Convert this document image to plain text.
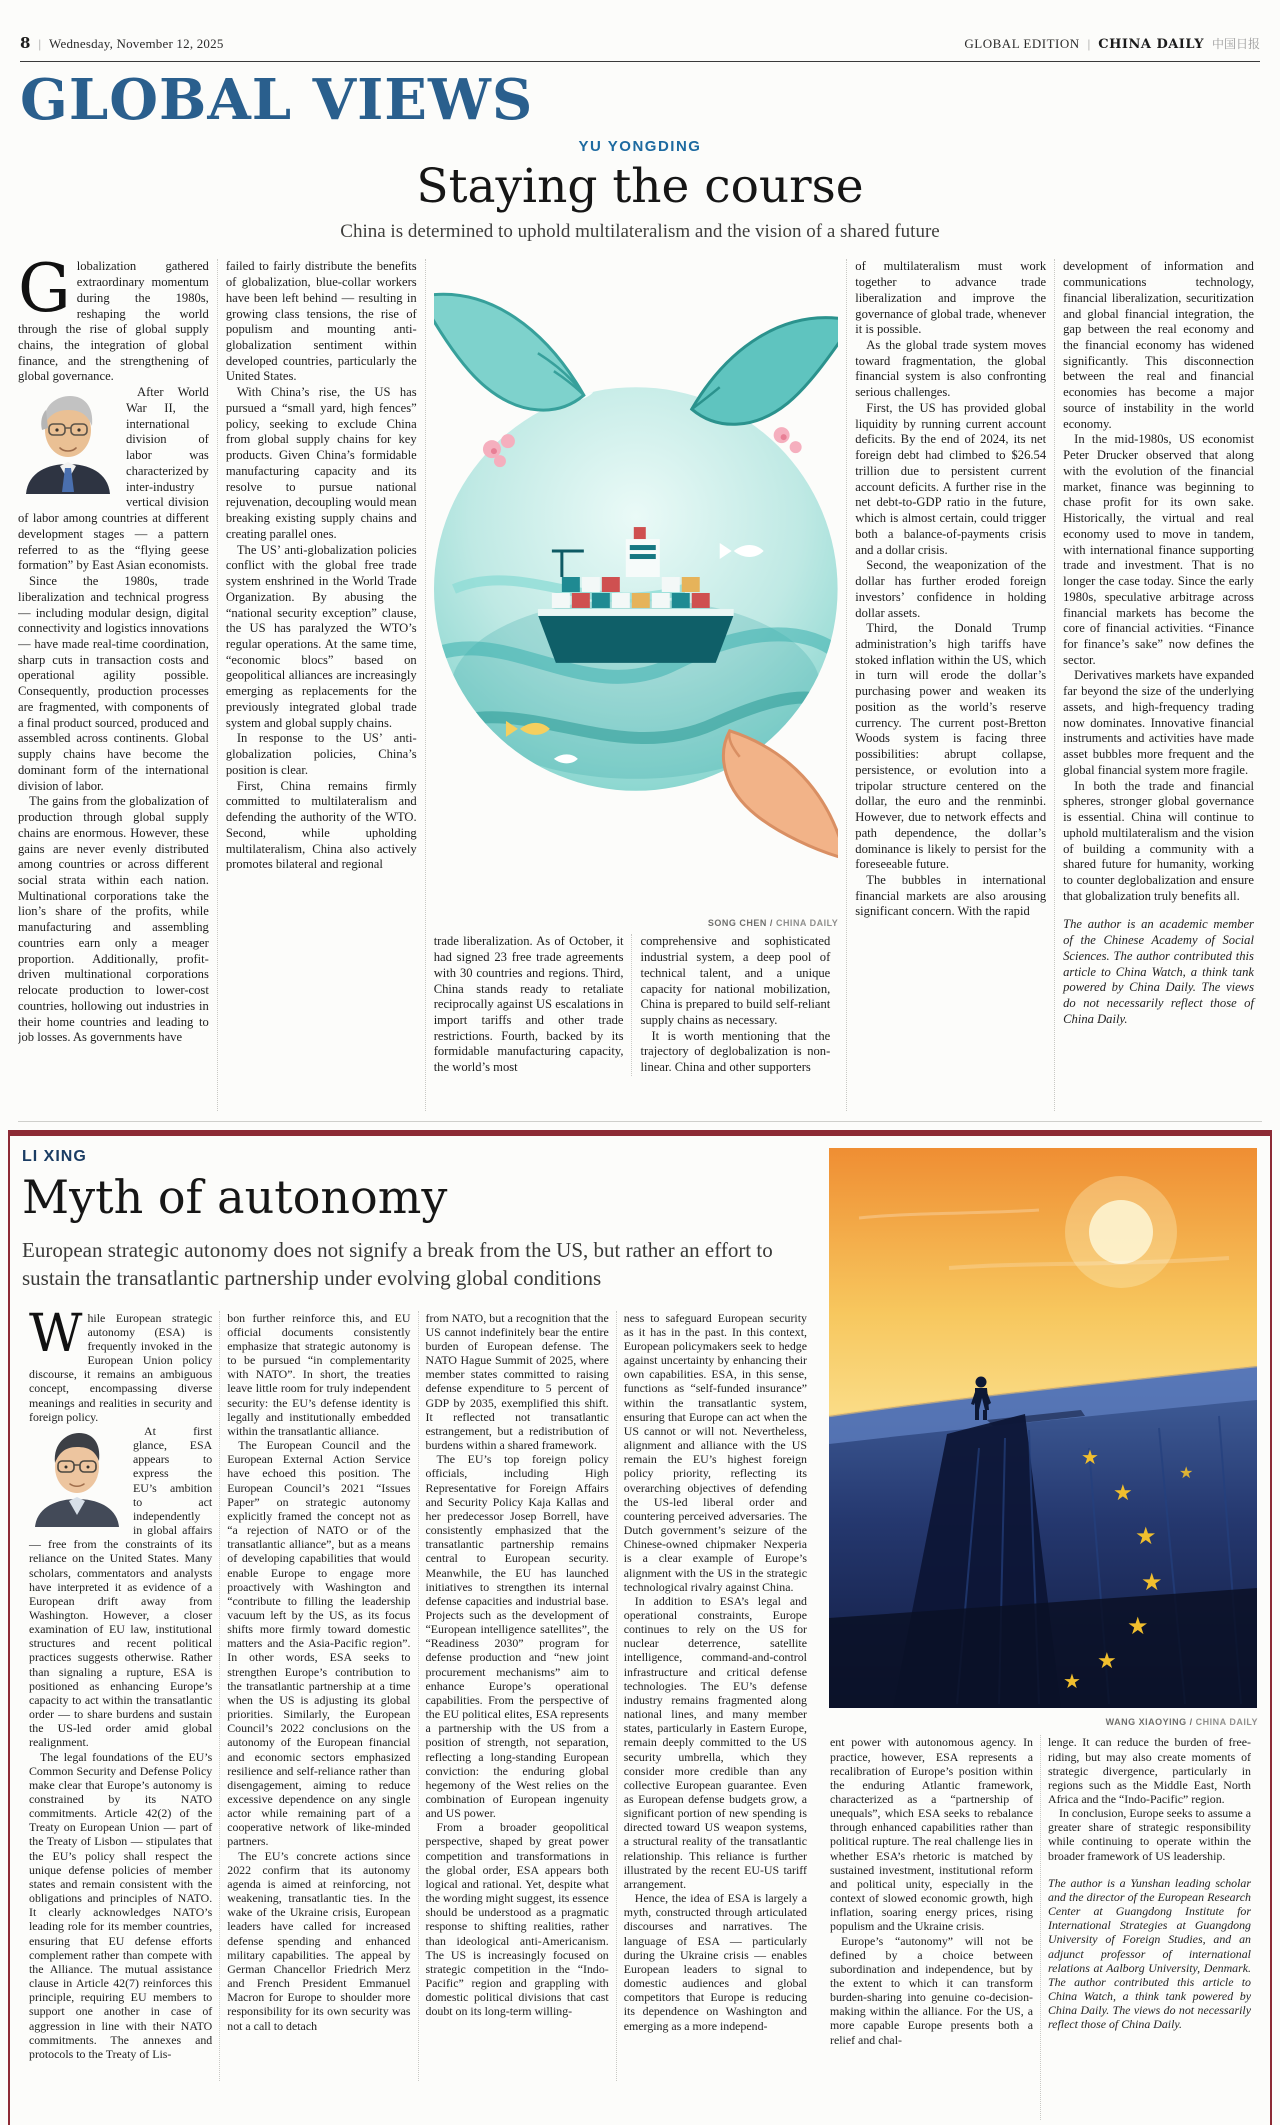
8 | Wednesday, November 12, 2025	GLOBAL EDITION | CHINA DAILY 中国日报
GLOBAL VIEWS
YU YONGDING
Staying the course
China is determined to uphold multilateralism and the vision of a shared future

Globalization gathered extraordinary momentum during the 1980s, reshaping the world through the rise of global supply chains, the integration of global finance, and the strengthening of global governance.

After World War II, the international division of labor was characterized by inter-industry vertical division of labor among countries at different development stages — a pattern referred to as the “flying geese formation” by East Asian economists.

Since the 1980s, trade liberalization and technical progress — including modular design, digital connectivity and logistics innovations — have made real-time coordination, sharp cuts in transaction costs and operational agility possible. Consequently, production processes are fragmented, with components of a final product sourced, produced and assembled across continents. Global supply chains have become the dominant form of the international division of labor.

The gains from the globalization of production through global supply chains are enormous. However, these gains are never evenly distributed among countries or across different social strata within each nation. Multinational corporations take the lion’s share of the profits, while manufacturing and assembling countries earn only a meager proportion. Additionally, profit-driven multinational corporations relocate production to lower-cost countries, hollowing out industries in their home countries and leading to job losses. As governments have

failed to fairly distribute the benefits of globalization, blue-collar workers have been left behind — resulting in growing class tensions, the rise of populism and mounting anti-globalization sentiment within developed countries, particularly the United States.

With China’s rise, the US has pursued a “small yard, high fences” policy, seeking to exclude China from global supply chains for key products. Given China’s formidable manufacturing capacity and its resolve to pursue national rejuvenation, decoupling would mean breaking existing supply chains and creating parallel ones.

The US’ anti-globalization policies conflict with the global free trade system enshrined in the World Trade Organization. By abusing the “national security exception” clause, the US has paralyzed the WTO’s regular operations. At the same time, “economic blocs” based on geopolitical alliances are increasingly emerging as replacements for the previously integrated global trade system and global supply chains.

In response to the US’ anti-globalization policies, China’s position is clear.

First, China remains firmly committed to multilateralism and defending the authority of the WTO. Second, while upholding multilateralism, China also actively promotes bilateral and regional

SONG CHEN / CHINA DAILY

trade liberalization. As of October, it had signed 23 free trade agreements with 30 countries and regions. Third, China stands ready to retaliate reciprocally against US escalations in import tariffs and other trade restrictions. Fourth, backed by its formidable manufacturing capacity, the world’s most

comprehensive and sophisticated industrial system, a deep pool of technical talent, and a unique capacity for national mobilization, China is prepared to build self-reliant supply chains as necessary.

It is worth mentioning that the trajectory of deglobalization is non-linear. China and other supporters

of multilateralism must work together to advance trade liberalization and improve the governance of global trade, whenever it is possible.

As the global trade system moves toward fragmentation, the global financial system is also confronting serious challenges.

First, the US has provided global liquidity by running current account deficits. By the end of 2024, its net foreign debt had climbed to $26.54 trillion due to persistent current account deficits. A further rise in the net debt-to-GDP ratio in the future, which is almost certain, could trigger both a balance-of-payments crisis and a dollar crisis.

Second, the weaponization of the dollar has further eroded foreign investors’ confidence in holding dollar assets.

Third, the Donald Trump administration’s high tariffs have stoked inflation within the US, which in turn will erode the dollar’s purchasing power and weaken its position as the world’s reserve currency. The current post-Bretton Woods system is facing three possibilities: abrupt collapse, persistence, or evolution into a tripolar structure centered on the dollar, the euro and the renminbi. However, due to network effects and path dependence, the dollar’s dominance is likely to persist for the foreseeable future.

The bubbles in international financial markets are also arousing significant concern. With the rapid

development of information and communications technology, financial liberalization, securitization and global financial integration, the gap between the real economy and the financial economy has widened significantly. This disconnection between the real and financial economies has become a major source of instability in the world economy.

In the mid-1980s, US economist Peter Drucker observed that along with the evolution of the financial market, finance was beginning to chase profit for its own sake. Historically, the virtual and real economy used to move in tandem, with international finance supporting trade and investment. That is no longer the case today. Since the early 1980s, speculative arbitrage across financial markets has become the core of financial activities. “Finance for finance’s sake” now defines the sector.

Derivatives markets have expanded far beyond the size of the underlying assets, and high-frequency trading now dominates. Innovative financial instruments and activities have made asset bubbles more frequent and the global financial system more fragile.

In both the trade and financial spheres, stronger global governance is essential. China will continue to uphold multilateralism and the vision of building a community with a shared future for humanity, working to counter deglobalization and ensure that globalization truly benefits all.

The author is an academic member of the Chinese Academy of Social Sciences. The author contributed this article to China Watch, a think tank powered by China Daily. The views do not necessarily reflect those of China Daily.

LI XING
Myth of autonomy
European strategic autonomy does not signify a break from the US, but rather an effort to sustain the transatlantic partnership under evolving global conditions

While European strategic autonomy (ESA) is frequently invoked in the European Union policy discourse, it remains an ambiguous concept, encompassing diverse meanings and realities in security and foreign policy.

At first glance, ESA appears to express the EU’s ambition to act independently in global affairs — free from the constraints of its reliance on the United States. Many scholars, commentators and analysts have interpreted it as evidence of a European drift away from Washington. However, a closer examination of EU law, institutional structures and recent political practices suggests otherwise. Rather than signaling a rupture, ESA is positioned as enhancing Europe’s capacity to act within the transatlantic order — to share burdens and sustain the US-led order amid global realignment.

The legal foundations of the EU’s Common Security and Defense Policy make clear that Europe’s autonomy is constrained by its NATO commitments. Article 42(2) of the Treaty on European Union — part of the Treaty of Lisbon — stipulates that the EU’s policy shall respect the unique defense policies of member states and remain consistent with the obligations and principles of NATO. It clearly acknowledges NATO’s leading role for its member countries, ensuring that EU defense efforts complement rather than compete with the Alliance. The mutual assistance clause in Article 42(7) reinforces this principle, requiring EU members to support one another in case of aggression in line with their NATO commitments. The annexes and protocols to the Treaty of Lis-

bon further reinforce this, and EU official documents consistently emphasize that strategic autonomy is to be pursued “in complementarity with NATO”. In short, the treaties leave little room for truly independent security: the EU’s defense identity is legally and institutionally embedded within the transatlantic alliance.

The European Council and the European External Action Service have echoed this position. The European Council’s 2021 “Issues Paper” on strategic autonomy explicitly framed the concept not as “a rejection of NATO or of the transatlantic alliance”, but as a means of developing capabilities that would enable Europe to engage more proactively with Washington and “contribute to filling the leadership vacuum left by the US, as its focus shifts more firmly toward domestic matters and the Asia-Pacific region”. In other words, ESA seeks to strengthen Europe’s contribution to the transatlantic partnership at a time when the US is adjusting its global priorities. Similarly, the European Council’s 2022 conclusions on the autonomy of the European financial and economic sectors emphasized resilience and self-reliance rather than disengagement, aiming to reduce excessive dependence on any single actor while remaining part of a cooperative network of like-minded partners.

The EU’s concrete actions since 2022 confirm that its autonomy agenda is aimed at reinforcing, not weakening, transatlantic ties. In the wake of the Ukraine crisis, European leaders have called for increased defense spending and enhanced military capabilities. The appeal by German Chancellor Friedrich Merz and French President Emmanuel Macron for Europe to shoulder more responsibility for its own security was not a call to detach

from NATO, but a recognition that the US cannot indefinitely bear the entire burden of European defense. The NATO Hague Summit of 2025, where member states committed to raising defense expenditure to 5 percent of GDP by 2035, exemplified this shift. It reflected not transatlantic estrangement, but a redistribution of burdens within a shared framework.

The EU’s top foreign policy officials, including High Representative for Foreign Affairs and Security Policy Kaja Kallas and her predecessor Josep Borrell, have consistently emphasized that the transatlantic partnership remains central to European security. Meanwhile, the EU has launched initiatives to strengthen its internal defense capacities and industrial base. Projects such as the development of “European intelligence satellites”, the “Readiness 2030” program for defense production and “new joint procurement mechanisms” aim to enhance Europe’s operational capabilities. From the perspective of the EU political elites, ESA represents a partnership with the US from a position of strength, not separation, reflecting a long-standing European conviction: the enduring global hegemony of the West relies on the combination of European ingenuity and US power.

From a broader geopolitical perspective, shaped by great power competition and transformations in the global order, ESA appears both logical and rational. Yet, despite what the wording might suggest, its essence should be understood as a pragmatic response to shifting realities, rather than ideological anti-Americanism. The US is increasingly focused on strategic competition in the “Indo-Pacific” region and grappling with domestic political divisions that cast doubt on its long-term willing-

ness to safeguard European security as it has in the past. In this context, European policymakers seek to hedge against uncertainty by enhancing their own capabilities. ESA, in this sense, functions as “self-funded insurance” within the transatlantic system, ensuring that Europe can act when the US cannot or will not. Nevertheless, alignment and alliance with the US remain the EU’s highest foreign policy priority, reflecting its overarching objectives of defending the US-led liberal order and countering perceived adversaries. The Dutch government’s seizure of the Chinese-owned chipmaker Nexperia is a clear example of Europe’s alignment with the US in the strategic technological rivalry against China.

In addition to ESA’s legal and operational constraints, Europe continues to rely on the US for nuclear deterrence, satellite intelligence, command-and-control infrastructure and critical defense technologies. The EU’s defense industry remains fragmented along national lines, and many member states, particularly in Eastern Europe, remain deeply committed to the US security umbrella, which they consider more credible than any collective European guarantee. Even as European defense budgets grow, a significant portion of new spending is directed toward US weapon systems, a structural reality of the transatlantic relationship. This reliance is further illustrated by the recent EU-US tariff arrangement.

Hence, the idea of ESA is largely a myth, constructed through articulated discourses and narratives. The language of ESA — particularly during the Ukraine crisis — enables European leaders to signal to domestic audiences and global competitors that Europe is reducing its dependence on Washington and emerging as a more independ-

★
★
★
★
★
★
★
★
WANG XIAOYING / CHINA DAILY

ent power with autonomous agency. In practice, however, ESA represents a recalibration of Europe’s position within the enduring Atlantic framework, characterized as a “partnership of unequals”, which ESA seeks to rebalance through enhanced capabilities rather than political rupture. The real challenge lies in whether ESA’s rhetoric is matched by sustained investment, institutional reform and political unity, especially in the context of slowed economic growth, high inflation, soaring energy prices, rising populism and the Ukraine crisis.

Europe’s “autonomy” will not be defined by a choice between subordination and independence, but by the extent to which it can transform burden-sharing into genuine co-decision-making within the alliance. For the US, a more capable Europe presents both a relief and chal-

lenge. It can reduce the burden of free-riding, but may also create moments of strategic divergence, particularly in regions such as the Middle East, North Africa and the “Indo-Pacific” region.

In conclusion, Europe seeks to assume a greater share of strategic responsibility while continuing to operate within the broader framework of US leadership.

The author is a Yunshan leading scholar and the director of the European Research Center at Guangdong Institute for International Strategies at Guangdong University of Foreign Studies, and an adjunct professor of international relations at Aalborg University, Denmark. The author contributed this article to China Watch, a think tank powered by China Daily. The views do not necessarily reflect those of China Daily.
